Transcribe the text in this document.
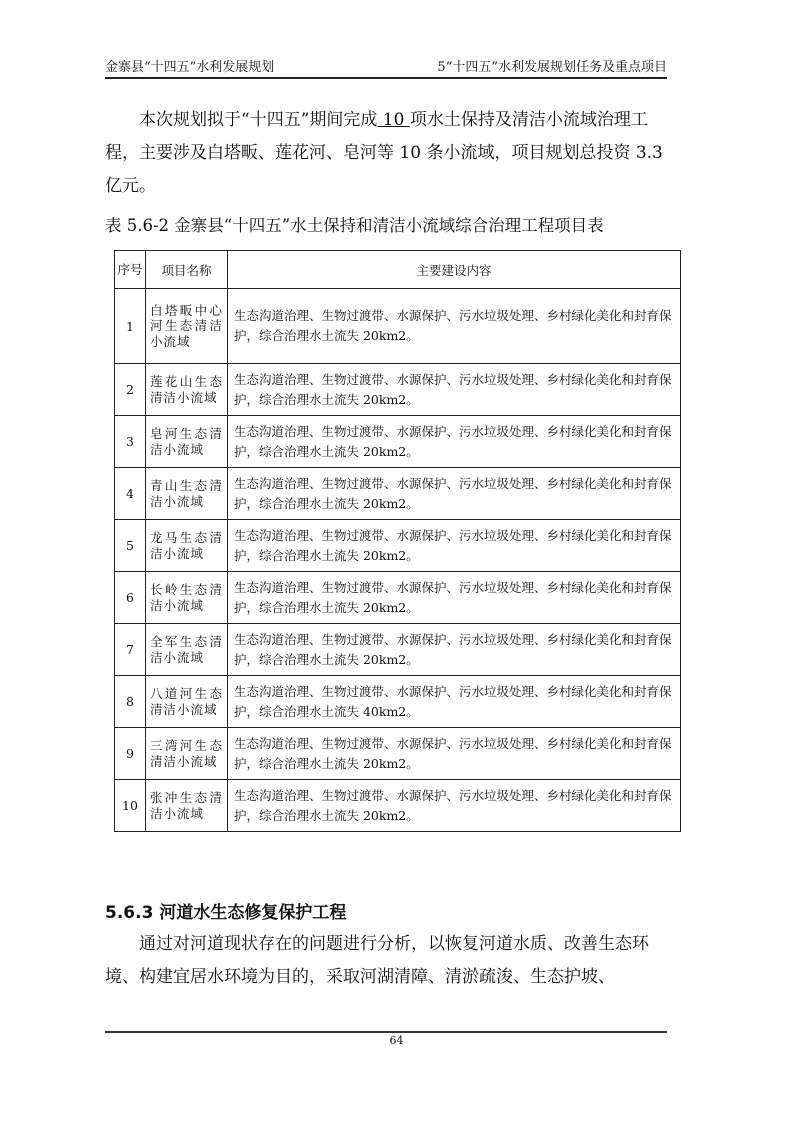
金寨县“十四五”水利发展规划	5“十四五”水利发展规划任务及重点项目

本次规划拟于“十四五”期间完成 10 项水土保持及清洁小流域治理工程，主要涉及白塔畈、莲花河、皂河等 10 条小流域，项目规划总投资 3.3 亿元。

表 5.6-2 金寨县“十四五”水土保持和清洁小流域综合治理工程项目表
序号	项目名称	主要建设内容
1	白塔畈中心河生态清洁小流域	生态沟道治理、生物过渡带、水源保护、污水垃圾处理、乡村绿化美化和封育保护，综合治理水土流失 20km2。
2	莲花山生态清洁小流域	生态沟道治理、生物过渡带、水源保护、污水垃圾处理、乡村绿化美化和封育保护，综合治理水土流失 20km2。
3	皂河生态清洁小流域	生态沟道治理、生物过渡带、水源保护、污水垃圾处理、乡村绿化美化和封育保护，综合治理水土流失 20km2。
4	青山生态清洁小流域	生态沟道治理、生物过渡带、水源保护、污水垃圾处理、乡村绿化美化和封育保护，综合治理水土流失 20km2。
5	龙马生态清洁小流域	生态沟道治理、生物过渡带、水源保护、污水垃圾处理、乡村绿化美化和封育保护，综合治理水土流失 20km2。
6	长岭生态清洁小流域	生态沟道治理、生物过渡带、水源保护、污水垃圾处理、乡村绿化美化和封育保护，综合治理水土流失 20km2。
7	全军生态清洁小流域	生态沟道治理、生物过渡带、水源保护、污水垃圾处理、乡村绿化美化和封育保护，综合治理水土流失 20km2。
8	八道河生态清洁小流域	生态沟道治理、生物过渡带、水源保护、污水垃圾处理、乡村绿化美化和封育保护，综合治理水土流失 40km2。
9	三湾河生态清洁小流域	生态沟道治理、生物过渡带、水源保护、污水垃圾处理、乡村绿化美化和封育保护，综合治理水土流失 20km2。
10	张冲生态清洁小流域	生态沟道治理、生物过渡带、水源保护、污水垃圾处理、乡村绿化美化和封育保护，综合治理水土流失 20km2。
5.6.3 河道水生态修复保护工程

通过对河道现状存在的问题进行分析，以恢复河道水质、改善生态环境、构建宜居水环境为目的，采取河湖清障、清淤疏浚、生态护坡、

64
